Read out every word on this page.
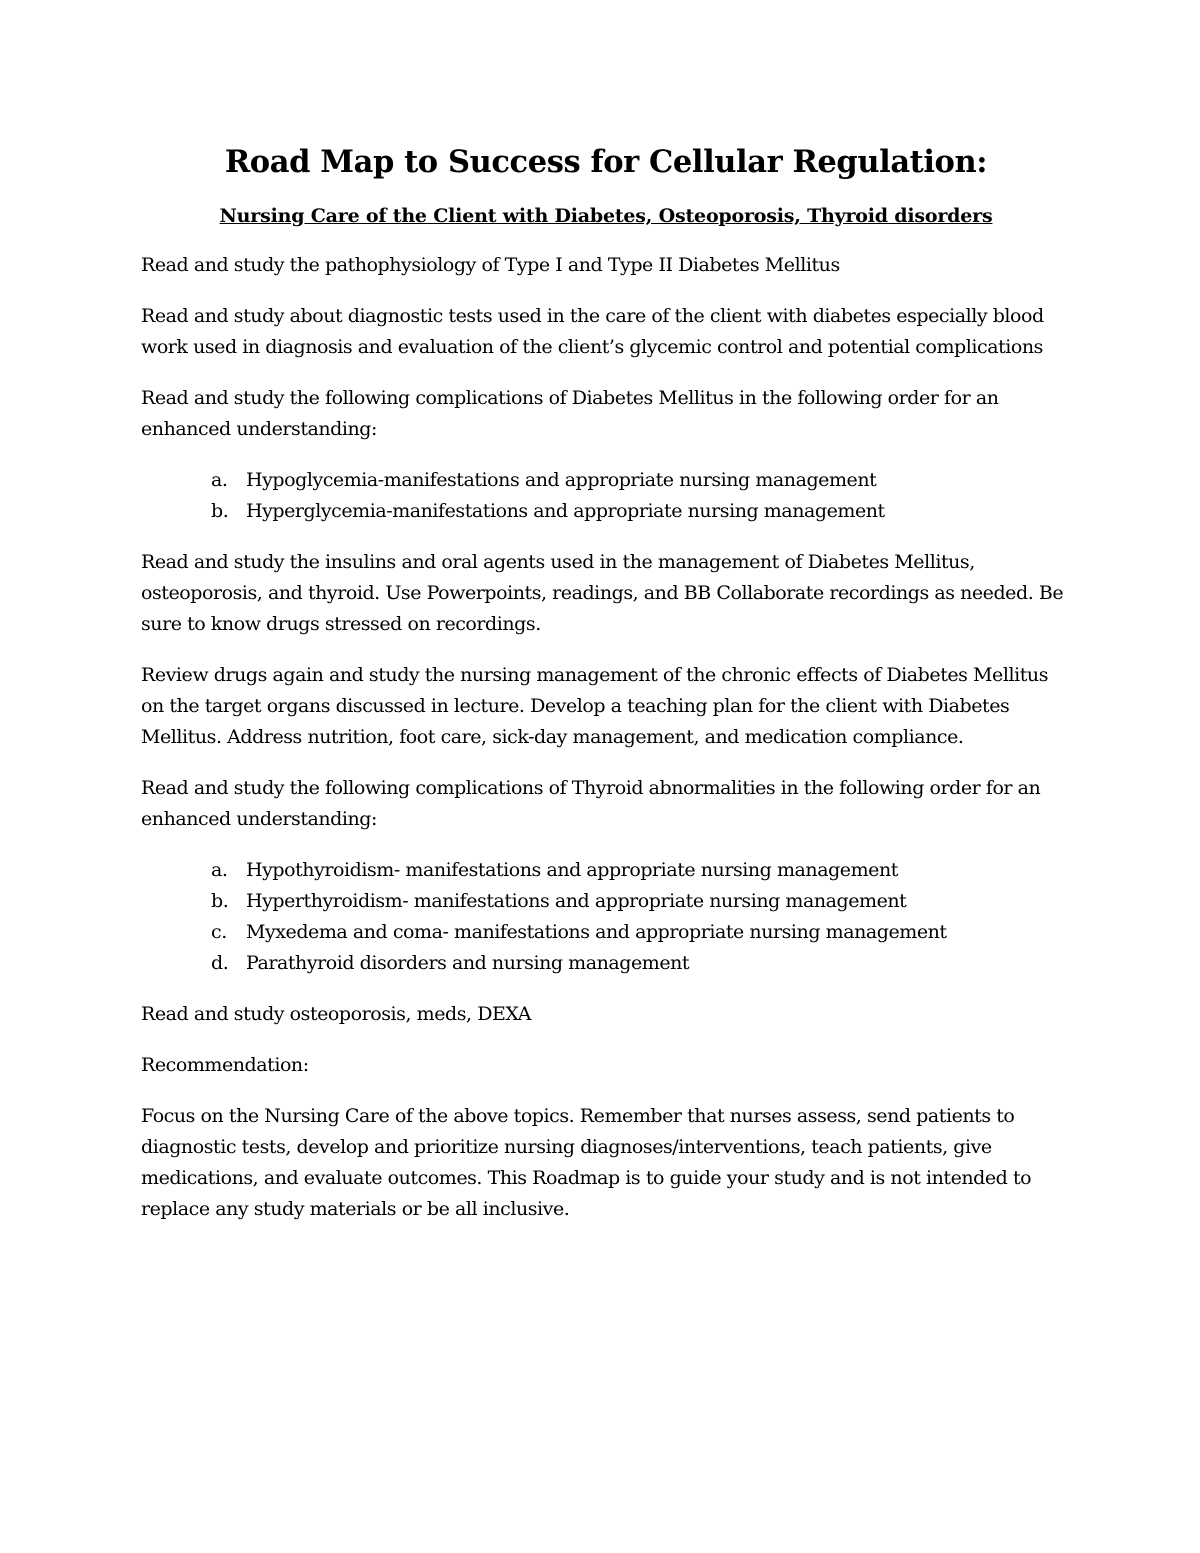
Road Map to Success for Cellular Regulation:
Nursing Care of the Client with Diabetes, Osteoporosis, Thyroid disorders

Read and study the pathophysiology of Type I and Type II Diabetes Mellitus

Read and study about diagnostic tests used in the care of the client with diabetes especially blood work used in diagnosis and evaluation of the client’s glycemic control and potential complications

Read and study the following complications of Diabetes Mellitus in the following order for an enhanced understanding:

a. Hypoglycemia-manifestations and appropriate nursing management
b. Hyperglycemia-manifestations and appropriate nursing management

Read and study the insulins and oral agents used in the management of Diabetes Mellitus, osteoporosis, and thyroid. Use Powerpoints, readings, and BB Collaborate recordings as needed. Be sure to know drugs stressed on recordings.

Review drugs again and study the nursing management of the chronic effects of Diabetes Mellitus on the target organs discussed in lecture. Develop a teaching plan for the client with Diabetes Mellitus. Address nutrition, foot care, sick-day management, and medication compliance.

Read and study the following complications of Thyroid abnormalities in the following order for an enhanced understanding:

a. Hypothyroidism- manifestations and appropriate nursing management
b. Hyperthyroidism- manifestations and appropriate nursing management
c. Myxedema and coma- manifestations and appropriate nursing management
d. Parathyroid disorders and nursing management

Read and study osteoporosis, meds, DEXA

Recommendation:

Focus on the Nursing Care of the above topics. Remember that nurses assess, send patients to diagnostic tests, develop and prioritize nursing diagnoses/interventions, teach patients, give medications, and evaluate outcomes. This Roadmap is to guide your study and is not intended to replace any study materials or be all inclusive.
